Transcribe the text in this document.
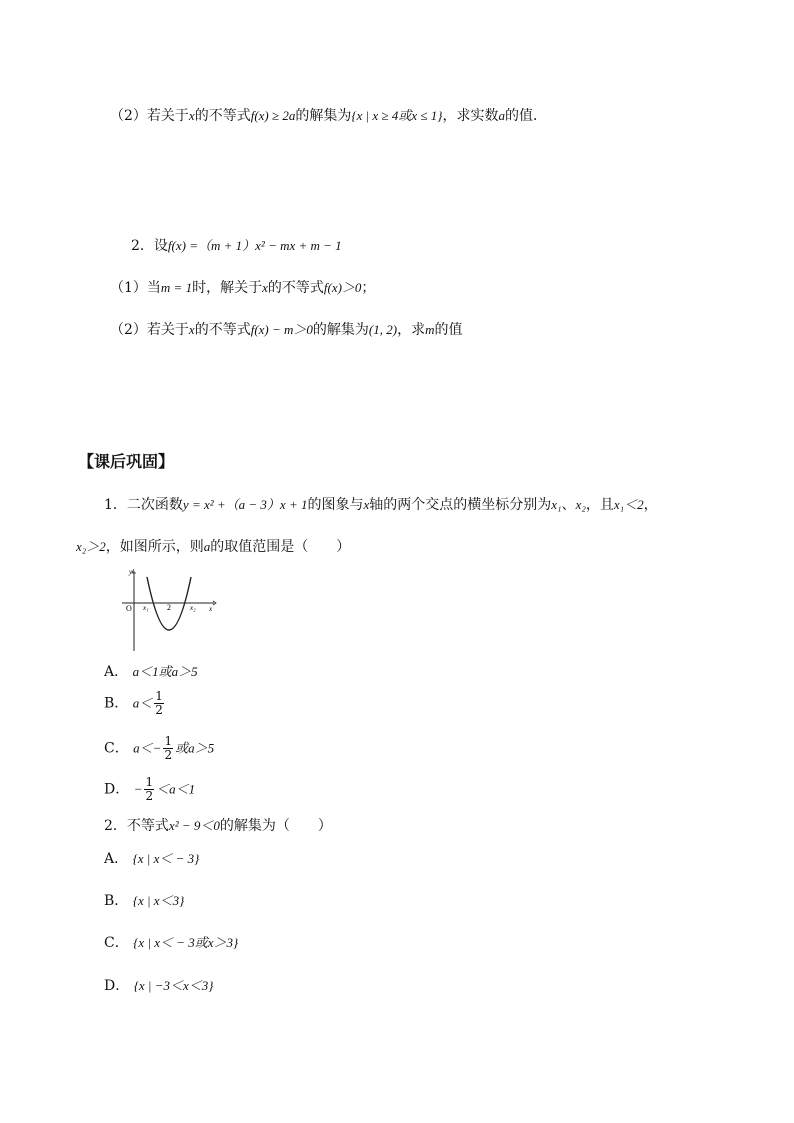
（2）若关于x的不等式f(x) ≥ 2a的解集为{x | x ≥ 4或x ≤ 1}，求实数a的值．
2．设f(x) =（m + 1）x² − mx + m − 1
（1）当m = 1时，解关于x的不等式f(x)＞0；
（2）若关于x的不等式f(x) − m＞0的解集为(1, 2)，求m的值
【课后巩固】
1．二次函数y = x² +（a − 3）x + 1的图象与x轴的两个交点的横坐标分别为x₁、x₂，且x₁＜2，
x₂＞2，如图所示，则a的取值范围是（　　）
y
x
O x₁ 2	x₂
A． a＜1或a＞5
B． $a< \frac{1}{2}$
C． $a<- \frac{1}{2}$ 或a＞5
D． − $\frac{1}{2} <a<1$
2．不等式x² − 9＜0的解集为（　　）
A． {x | x＜ − 3}
B． {x | x＜3}
C． {x | x＜ − 3或x＞3}
D． {x | −3＜x＜3}
